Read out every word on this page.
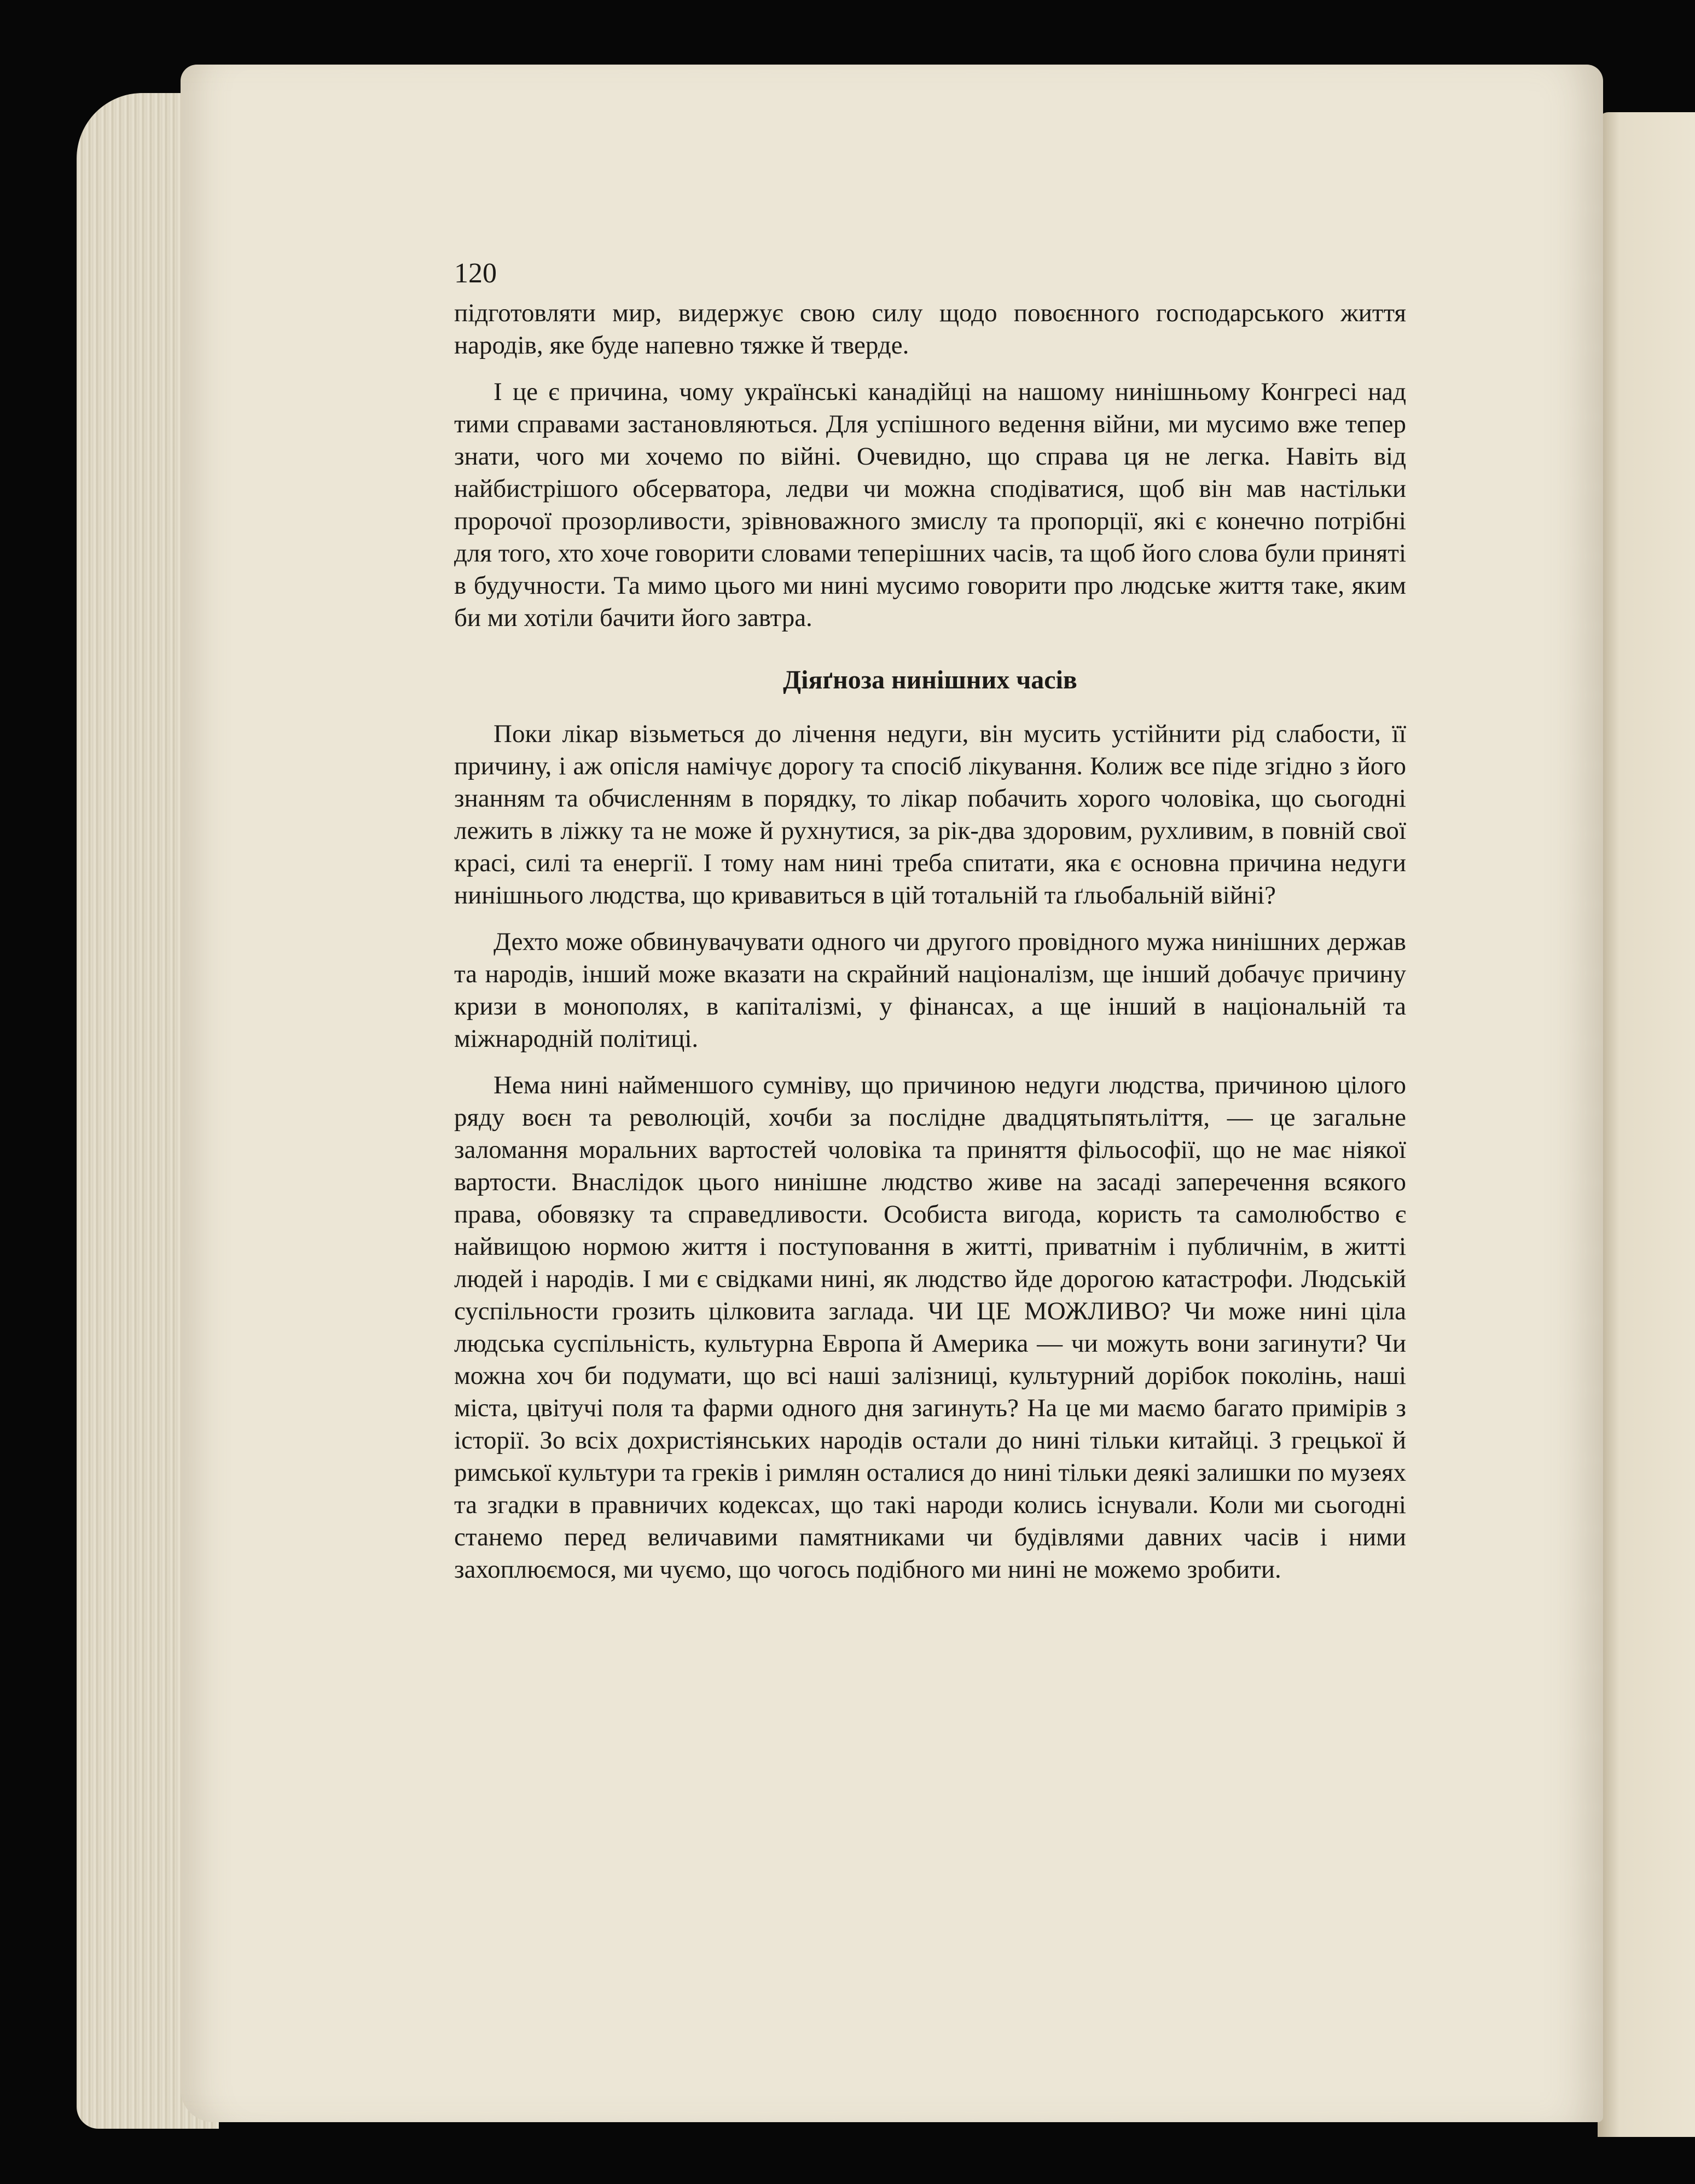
120

підготовляти мир, видержує свою силу щодо повоєнного господарського життя народів, яке буде напевно тяжке й тверде.

І це є причина, чому українські канадійці на нашому нинішньому Конгресі над тими справами застановляються. Для успішного ведення війни, ми мусимо вже тепер знати, чого ми хочемо по війні. Очевидно, що справа ця не легка. Навіть від найбистрішого обсерватора, ледви чи можна сподіватися, щоб він мав настільки пророчої прозорливости, зрівноважного змислу та пропорції, які є конечно потрібні для того, хто хоче говорити словами теперішних часів, та щоб його слова були приняті в будучности. Та мимо цього ми нині мусимо говорити про людське життя таке, яким би ми хотіли бачити його завтра.

Діяґноза нинішних часів

Поки лікар візьметься до лічення недуги, він мусить устійнити рід слабости, її причину, і аж опісля намічує дорогу та спосіб лікування. Колиж все піде згідно з його знанням та обчисленням в порядку, то лікар побачить хорого чоловіка, що сьогодні лежить в ліжку та не може й рухнутися, за рік-два здоровим, рухливим, в повній свої красі, силі та енергії. І тому нам нині треба спитати, яка є основна причина недуги нинішнього людства, що кривавиться в цій тотальній та ґльобальній війні?

Дехто може обвинувачувати одного чи другого провідного мужа нинішних держав та народів, інший може вказати на скрайний націоналізм, ще інший добачує причину кризи в монополях, в капіталізмі, у фінансах, а ще інший в національній та міжнародній політиці.

Нема нині найменшого сумніву, що причиною недуги людства, причиною цілого ряду воєн та революцій, хочби за послідне двадцятьпятьліття, — це загальне заломання моральних вартостей чоловіка та приняття фільософії, що не має ніякої вартости. Внаслідок цього нинішне людство живе на засаді заперечення всякого права, обовязку та справедливости. Особиста вигода, користь та самолюбство є найвищою нормою життя і поступовання в житті, приватнім і публичнім, в житті людей і народів. І ми є свідками нині, як людство йде дорогою катастрофи. Людській суспільности грозить цілковита заглада. ЧИ ЦЕ МОЖЛИВО? Чи може нині ціла людська суспільність, культурна Европа й Америка — чи можуть вони загинути? Чи можна хоч би подумати, що всі наші залізниці, культурний дорібок поколінь, наші міста, цвітучі поля та фарми одного дня загинуть? На це ми маємо багато примірів з історії. Зо всіх дохристіянських народів остали до нині тільки китайці. З грецької й римської культури та греків і римлян осталися до нині тільки деякі залишки по музеях та згадки в правничих кодексах, що такі народи колись існували. Коли ми сьогодні станемо перед величавими памятниками чи будівлями давних часів і ними захоплюємося, ми чуємо, що чогось подібного ми нині не можемо зробити.
